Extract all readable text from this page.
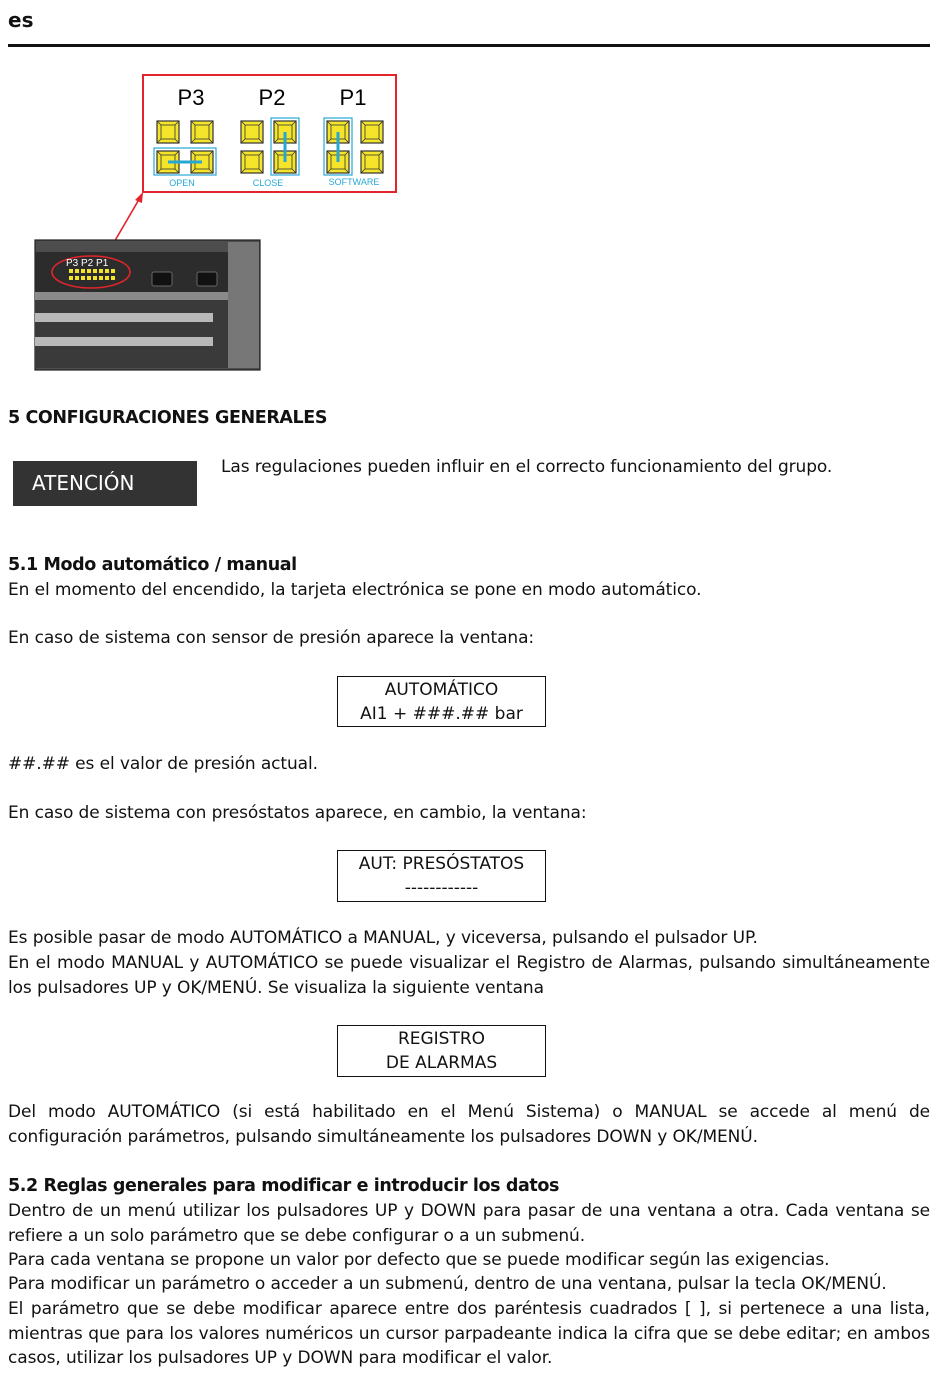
es
P3 P2 P1
OPEN	CLOSE	SOFTWARE
P3 P2 P1
5 CONFIGURACIONES GENERALES
ATENCIÓN
Las regulaciones pueden influir en el correcto funcionamiento del grupo.
5.1 Modo automático / manual
En el momento del encendido, la tarjeta electrónica se pone en modo automático.
En caso de sistema con sensor de presión aparece la ventana:
AUTOMÁTICO
AI1 + ###.## bar
##.## es el valor de presión actual.
En caso de sistema con presóstatos aparece, en cambio, la ventana:
AUT: PRESÓSTATOS
------------
Es posible pasar de modo AUTOMÁTICO a MANUAL, y viceversa, pulsando el pulsador UP.
En el modo MANUAL y AUTOMÁTICO se puede visualizar el Registro de Alarmas, pulsando simultáneamente los pulsadores UP y OK/MENÚ. Se visualiza la siguiente ventana
REGISTRO
DE ALARMAS
Del modo AUTOMÁTICO (si está habilitado en el Menú Sistema) o MANUAL se accede al menú de configuración parámetros, pulsando simultáneamente los pulsadores DOWN y OK/MENÚ.
5.2 Reglas generales para modificar e introducir los datos
Dentro de un menú utilizar los pulsadores UP y DOWN para pasar de una ventana a otra. Cada ventana se refiere a un solo parámetro que se debe configurar o a un submenú.
Para cada ventana se propone un valor por defecto que se puede modificar según las exigencias.
Para modificar un parámetro o acceder a un submenú, dentro de una ventana, pulsar la tecla OK/MENÚ.
El parámetro que se debe modificar aparece entre dos paréntesis cuadrados [ ], si pertenece a una lista, mientras que para los valores numéricos un cursor parpadeante indica la cifra que se debe editar; en ambos casos, utilizar los pulsadores UP y DOWN para modificar el valor.
